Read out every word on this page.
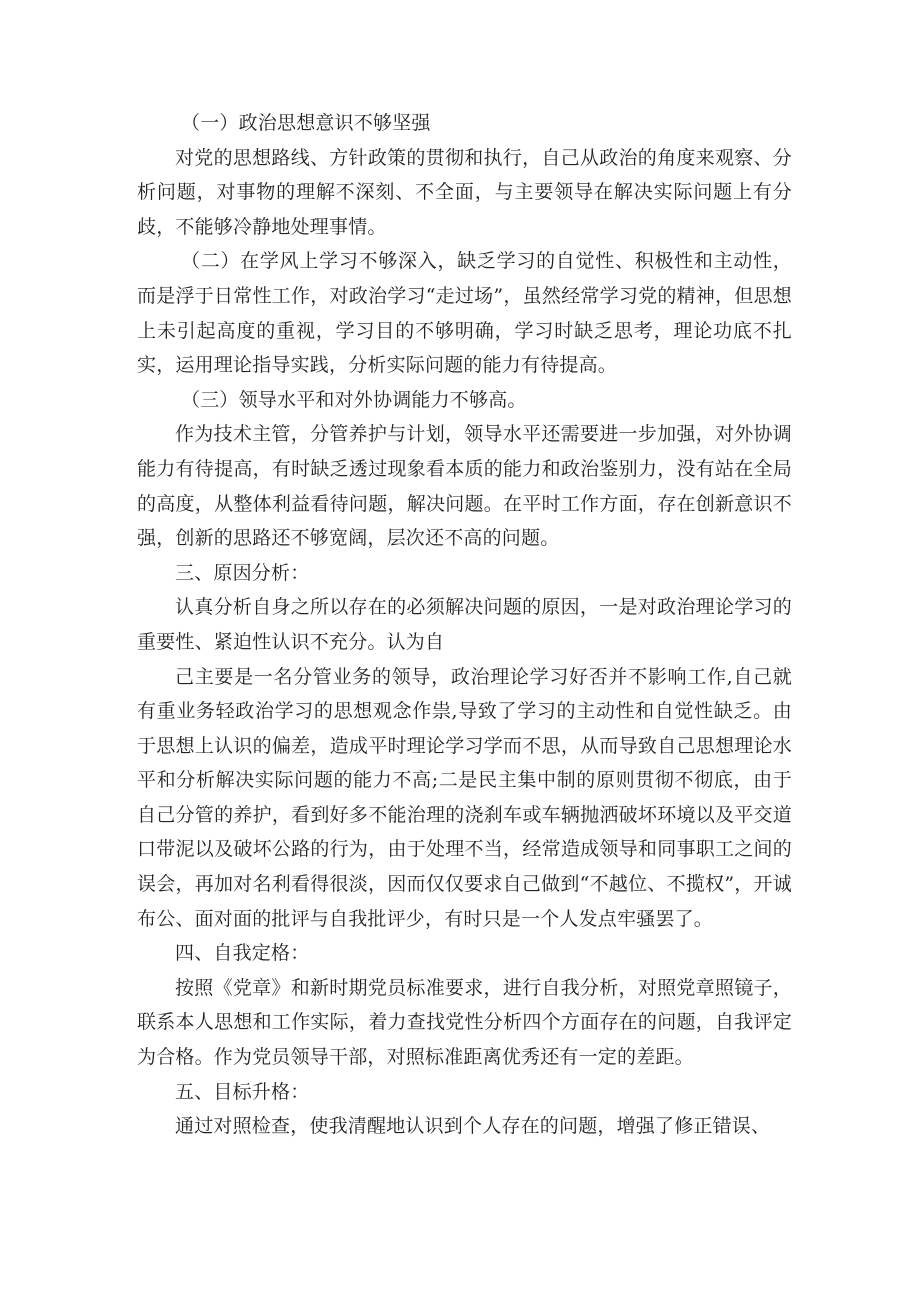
（一）政治思想意识不够坚强

对党的思想路线、方针政策的贯彻和执行，自己从政治的角度来观察、分析问题，对事物的理解不深刻、不全面，与主要领导在解决实际问题上有分歧，不能够冷静地处理事情。

（二）在学风上学习不够深入，缺乏学习的自觉性、积极性和主动性，而是浮于日常性工作，对政治学习“走过场”，虽然经常学习党的精神，但思想上未引起高度的重视，学习目的不够明确，学习时缺乏思考，理论功底不扎实，运用理论指导实践，分析实际问题的能力有待提高。

（三）领导水平和对外协调能力不够高。

作为技术主管，分管养护与计划，领导水平还需要进一步加强，对外协调能力有待提高，有时缺乏透过现象看本质的能力和政治鉴别力，没有站在全局的高度，从整体利益看待问题，解决问题。在平时工作方面，存在创新意识不强，创新的思路还不够宽阔，层次还不高的问题。

三、原因分析：

认真分析自身之所以存在的必须解决问题的原因，一是对政治理论学习的重要性、紧迫性认识不充分。认为自

己主要是一名分管业务的领导，政治理论学习好否并不影响工作,自己就有重业务轻政治学习的思想观念作祟,导致了学习的主动性和自觉性缺乏。由于思想上认识的偏差，造成平时理论学习学而不思，从而导致自己思想理论水平和分析解决实际问题的能力不高;二是民主集中制的原则贯彻不彻底，由于自己分管的养护，看到好多不能治理的浇刹车或车辆抛洒破坏环境以及平交道口带泥以及破坏公路的行为，由于处理不当，经常造成领导和同事职工之间的误会，再加对名利看得很淡，因而仅仅要求自己做到“不越位、不揽权”，开诚布公、面对面的批评与自我批评少，有时只是一个人发点牢骚罢了。

四、自我定格：

按照《党章》和新时期党员标准要求，进行自我分析，对照党章照镜子，联系本人思想和工作实际，着力查找党性分析四个方面存在的问题，自我评定为合格。作为党员领导干部，对照标准距离优秀还有一定的差距。

五、目标升格：

通过对照检查，使我清醒地认识到个人存在的问题，增强了修正错误、
